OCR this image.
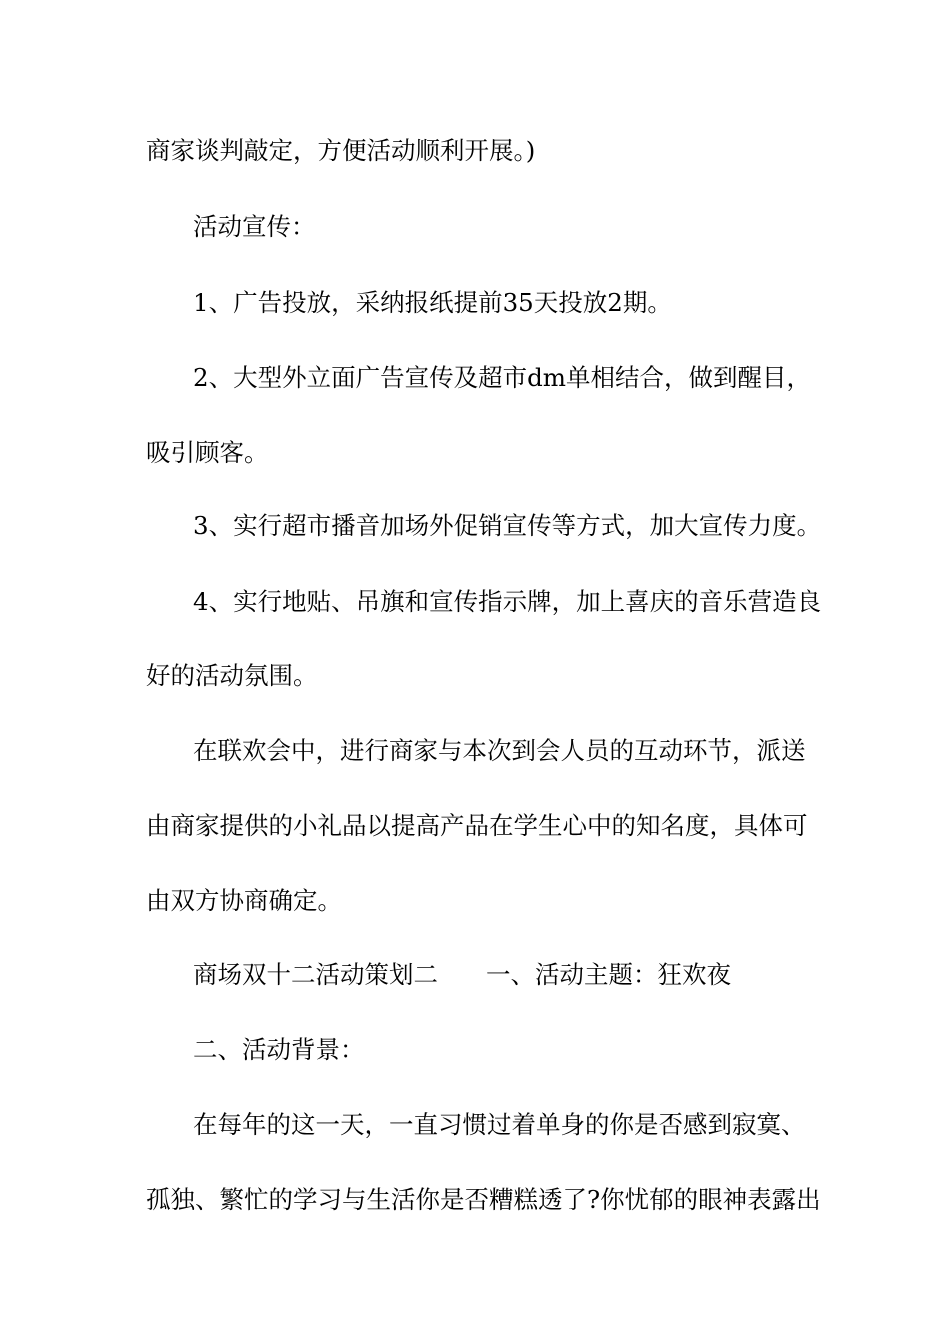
商家谈判敲定，方便活动顺利开展。)
活动宣传：
1、广告投放，采纳报纸提前35天投放2期。
2、大型外立面广告宣传及超市dm单相结合，做到醒目，
吸引顾客。
3、实行超市播音加场外促销宣传等方式，加大宣传力度。
4、实行地贴、吊旗和宣传指示牌，加上喜庆的音乐营造良
好的活动氛围。
在联欢会中，进行商家与本次到会人员的互动环节，派送
由商家提供的小礼品以提高产品在学生心中的知名度，具体可
由双方协商确定。
商场双十二活动策划二 一、活动主题：狂欢夜
二、活动背景：
在每年的这一天，一直习惯过着单身的你是否感到寂寞、
孤独、繁忙的学习与生活你是否糟糕透了?你忧郁的眼神表露出
